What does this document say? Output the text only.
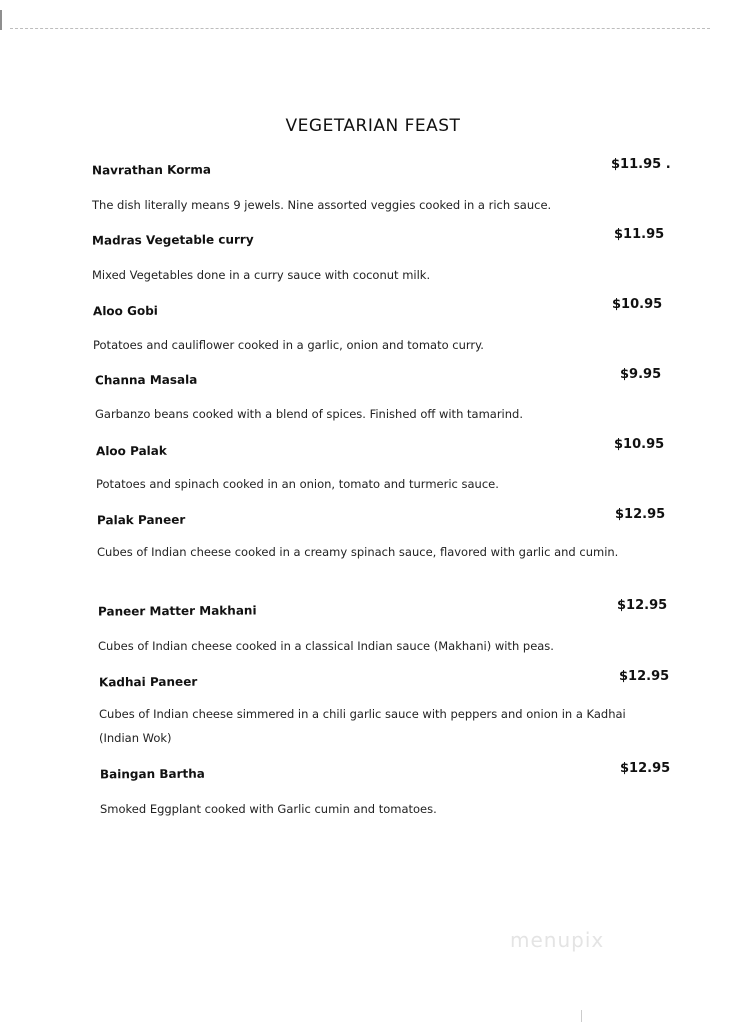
VEGETARIAN FEAST
Navrathan Korma	$11.95 .
The dish literally means 9 jewels. Nine assorted veggies cooked in a rich sauce.
Madras Vegetable curry	$11.95
Mixed Vegetables done in a curry sauce with coconut milk.
Aloo Gobi	$10.95
Potatoes and cauliflower cooked in a garlic, onion and tomato curry.
Channa Masala	$9.95
Garbanzo beans cooked with a blend of spices. Finished off with tamarind.
Aloo Palak	$10.95
Potatoes and spinach cooked in an onion, tomato and turmeric sauce.
Palak Paneer	$12.95
Cubes of Indian cheese cooked in a creamy spinach sauce, flavored with garlic and cumin.
Paneer Matter Makhani	$12.95
Cubes of Indian cheese cooked in a classical Indian sauce (Makhani) with peas.
Kadhai Paneer	$12.95
Cubes of Indian cheese simmered in a chili garlic sauce with peppers and onion in a Kadhai (Indian Wok)
Baingan Bartha	$12.95
Smoked Eggplant cooked with Garlic cumin and tomatoes.
menupix
